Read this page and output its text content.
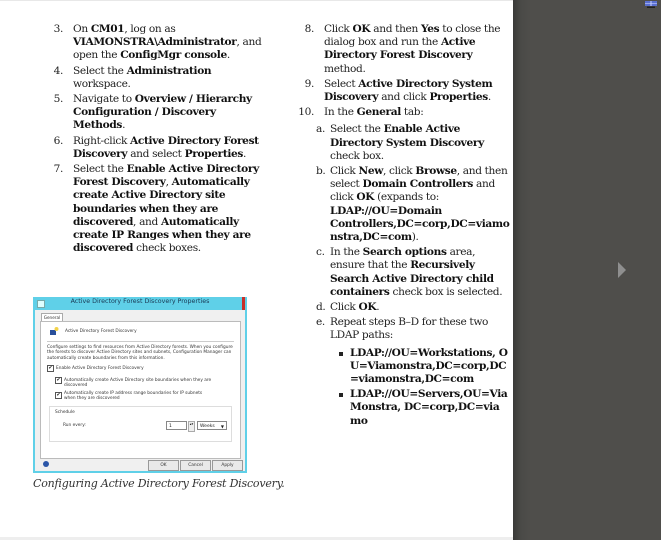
3. On CM01, log on as VIAMONSTRA\Administrator, and open the ConfigMgr console.
4. Select the Administration workspace.
5. Navigate to Overview / Hierarchy Configuration / Discovery Methods.
6. Right-click Active Directory Forest Discovery and select Properties.
7. Select the Enable Active Directory Forest Discovery, Automatically create Active Directory site boundaries when they are discovered, and Automatically create IP Ranges when they are discovered check boxes.
8. Click OK and then Yes to close the dialog box and run the Active Directory Forest Discovery method.
9. Select Active Directory System Discovery and click Properties.
10. In the General tab:
a. Select the Enable Active Directory System Discovery check box.
b. Click New, click Browse, and then select Domain Controllers and click OK (expands to: LDAP://OU=Domain Controllers,DC=corp,DC=viamonstra,DC=com).
c. In the Search options area, ensure that the Recursively Search Active Directory child containers check box is selected.
d. Click OK.
e. Repeat steps B–D for these two LDAP paths:
LDAP://OU=Workstations, OU=Viamonstra,DC=corp,DC=viamonstra,DC=com
LDAP://OU=Servers,OU=ViaMonstra, DC=corp,DC=viamo
Active Directory Forest Discovery Properties
General
Active Directory Forest Discovery
Configure settings to find resources from Active Directory forests. When you configure the forests to discover Active Directory sites and subnets, Configuration Manager can automatically create boundaries from this information.
✔ Enable Active Directory Forest Discovery
✔ Automatically create Active Directory site boundaries when they are discovered
✔ Automatically create IP address range boundaries for IP subnets when they are discovered
Schedule
Run every:	1	▴▾	Weeks ▼
OK	Cancel	Apply
Configuring Active Directory Forest Discovery.
